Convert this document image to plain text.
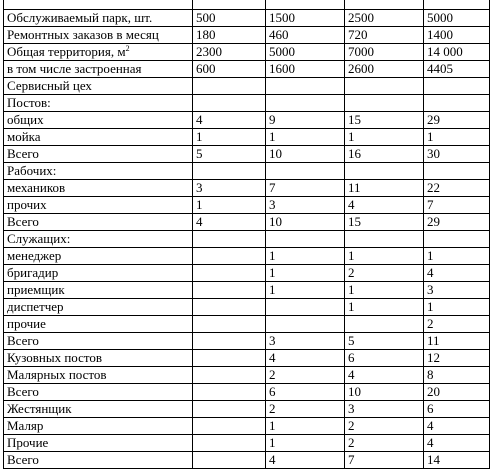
Обслуживаемый парк, шт.	500	1500	2500	5000
Ремонтных заказов в месяц	180	460	720	1400
Общая территория, $м^2$	2300	5000	7000	14 000
в том числе застроенная	600	1600	2600	4405
Сервисный цех				
Постов:				
общих	4	9	15	29
мойка	1	1	1	1
Всего	5	10	16	30
Рабочих:				
механиков	3	7	11	22
прочих	1	3	4	7
Всего	4	10	15	29
Служащих:				
менеджер		1	1	1
бригадир		1	2	4
приемщик		1	1	3
диспетчер			1	1
прочие				2
Всего		3	5	11
Кузовных постов		4	6	12
Малярных постов		2	4	8
Всего		6	10	20
Жестянщик		2	3	6
Маляр		1	2	4
Прочие		1	2	4
Всего		4	7	14
